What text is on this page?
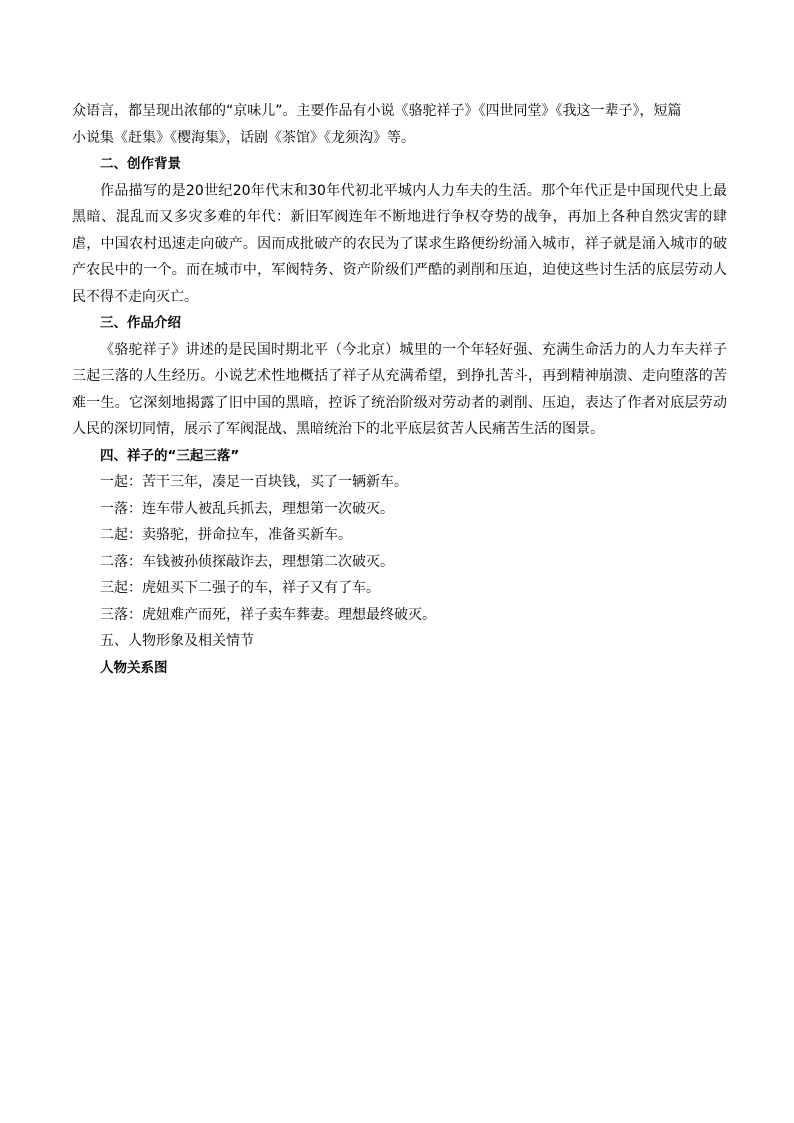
众语言，都呈现出浓郁的“京味儿”。主要作品有小说《骆驼祥子》《四世同堂》《我这一辈子》，短篇

小说集《赶集》《樱海集》，话剧《茶馆》《龙须沟》等。

二、创作背景

作品描写的是20世纪20年代末和30年代初北平城内人力车夫的生活。那个年代正是中国现代史上最黑暗、混乱而又多灾多难的年代：新旧军阀连年不断地进行争权夺势的战争，再加上各种自然灾害的肆虐，中国农村迅速走向破产。因而成批破产的农民为了谋求生路便纷纷涌入城市，祥子就是涌入城市的破产农民中的一个。而在城市中，军阀特务、资产阶级们严酷的剥削和压迫，迫使这些讨生活的底层劳动人民不得不走向灭亡。

三、作品介绍

《骆驼祥子》讲述的是民国时期北平（今北京）城里的一个年轻好强、充满生命活力的人力车夫祥子三起三落的人生经历。小说艺术性地概括了祥子从充满希望，到挣扎苦斗，再到精神崩溃、走向堕落的苦难一生。它深刻地揭露了旧中国的黑暗，控诉了统治阶级对劳动者的剥削、压迫，表达了作者对底层劳动人民的深切同情，展示了军阀混战、黑暗统治下的北平底层贫苦人民痛苦生活的图景。

四、祥子的“三起三落”

一起：苦干三年，凑足一百块钱，买了一辆新车。

一落：连车带人被乱兵抓去，理想第一次破灭。

二起：卖骆驼，拼命拉车，准备买新车。

二落：车钱被孙侦探敲诈去，理想第二次破灭。

三起：虎妞买下二强子的车，祥子又有了车。

三落：虎妞难产而死，祥子卖车葬妻。理想最终破灭。

五、人物形象及相关情节

人物关系图
